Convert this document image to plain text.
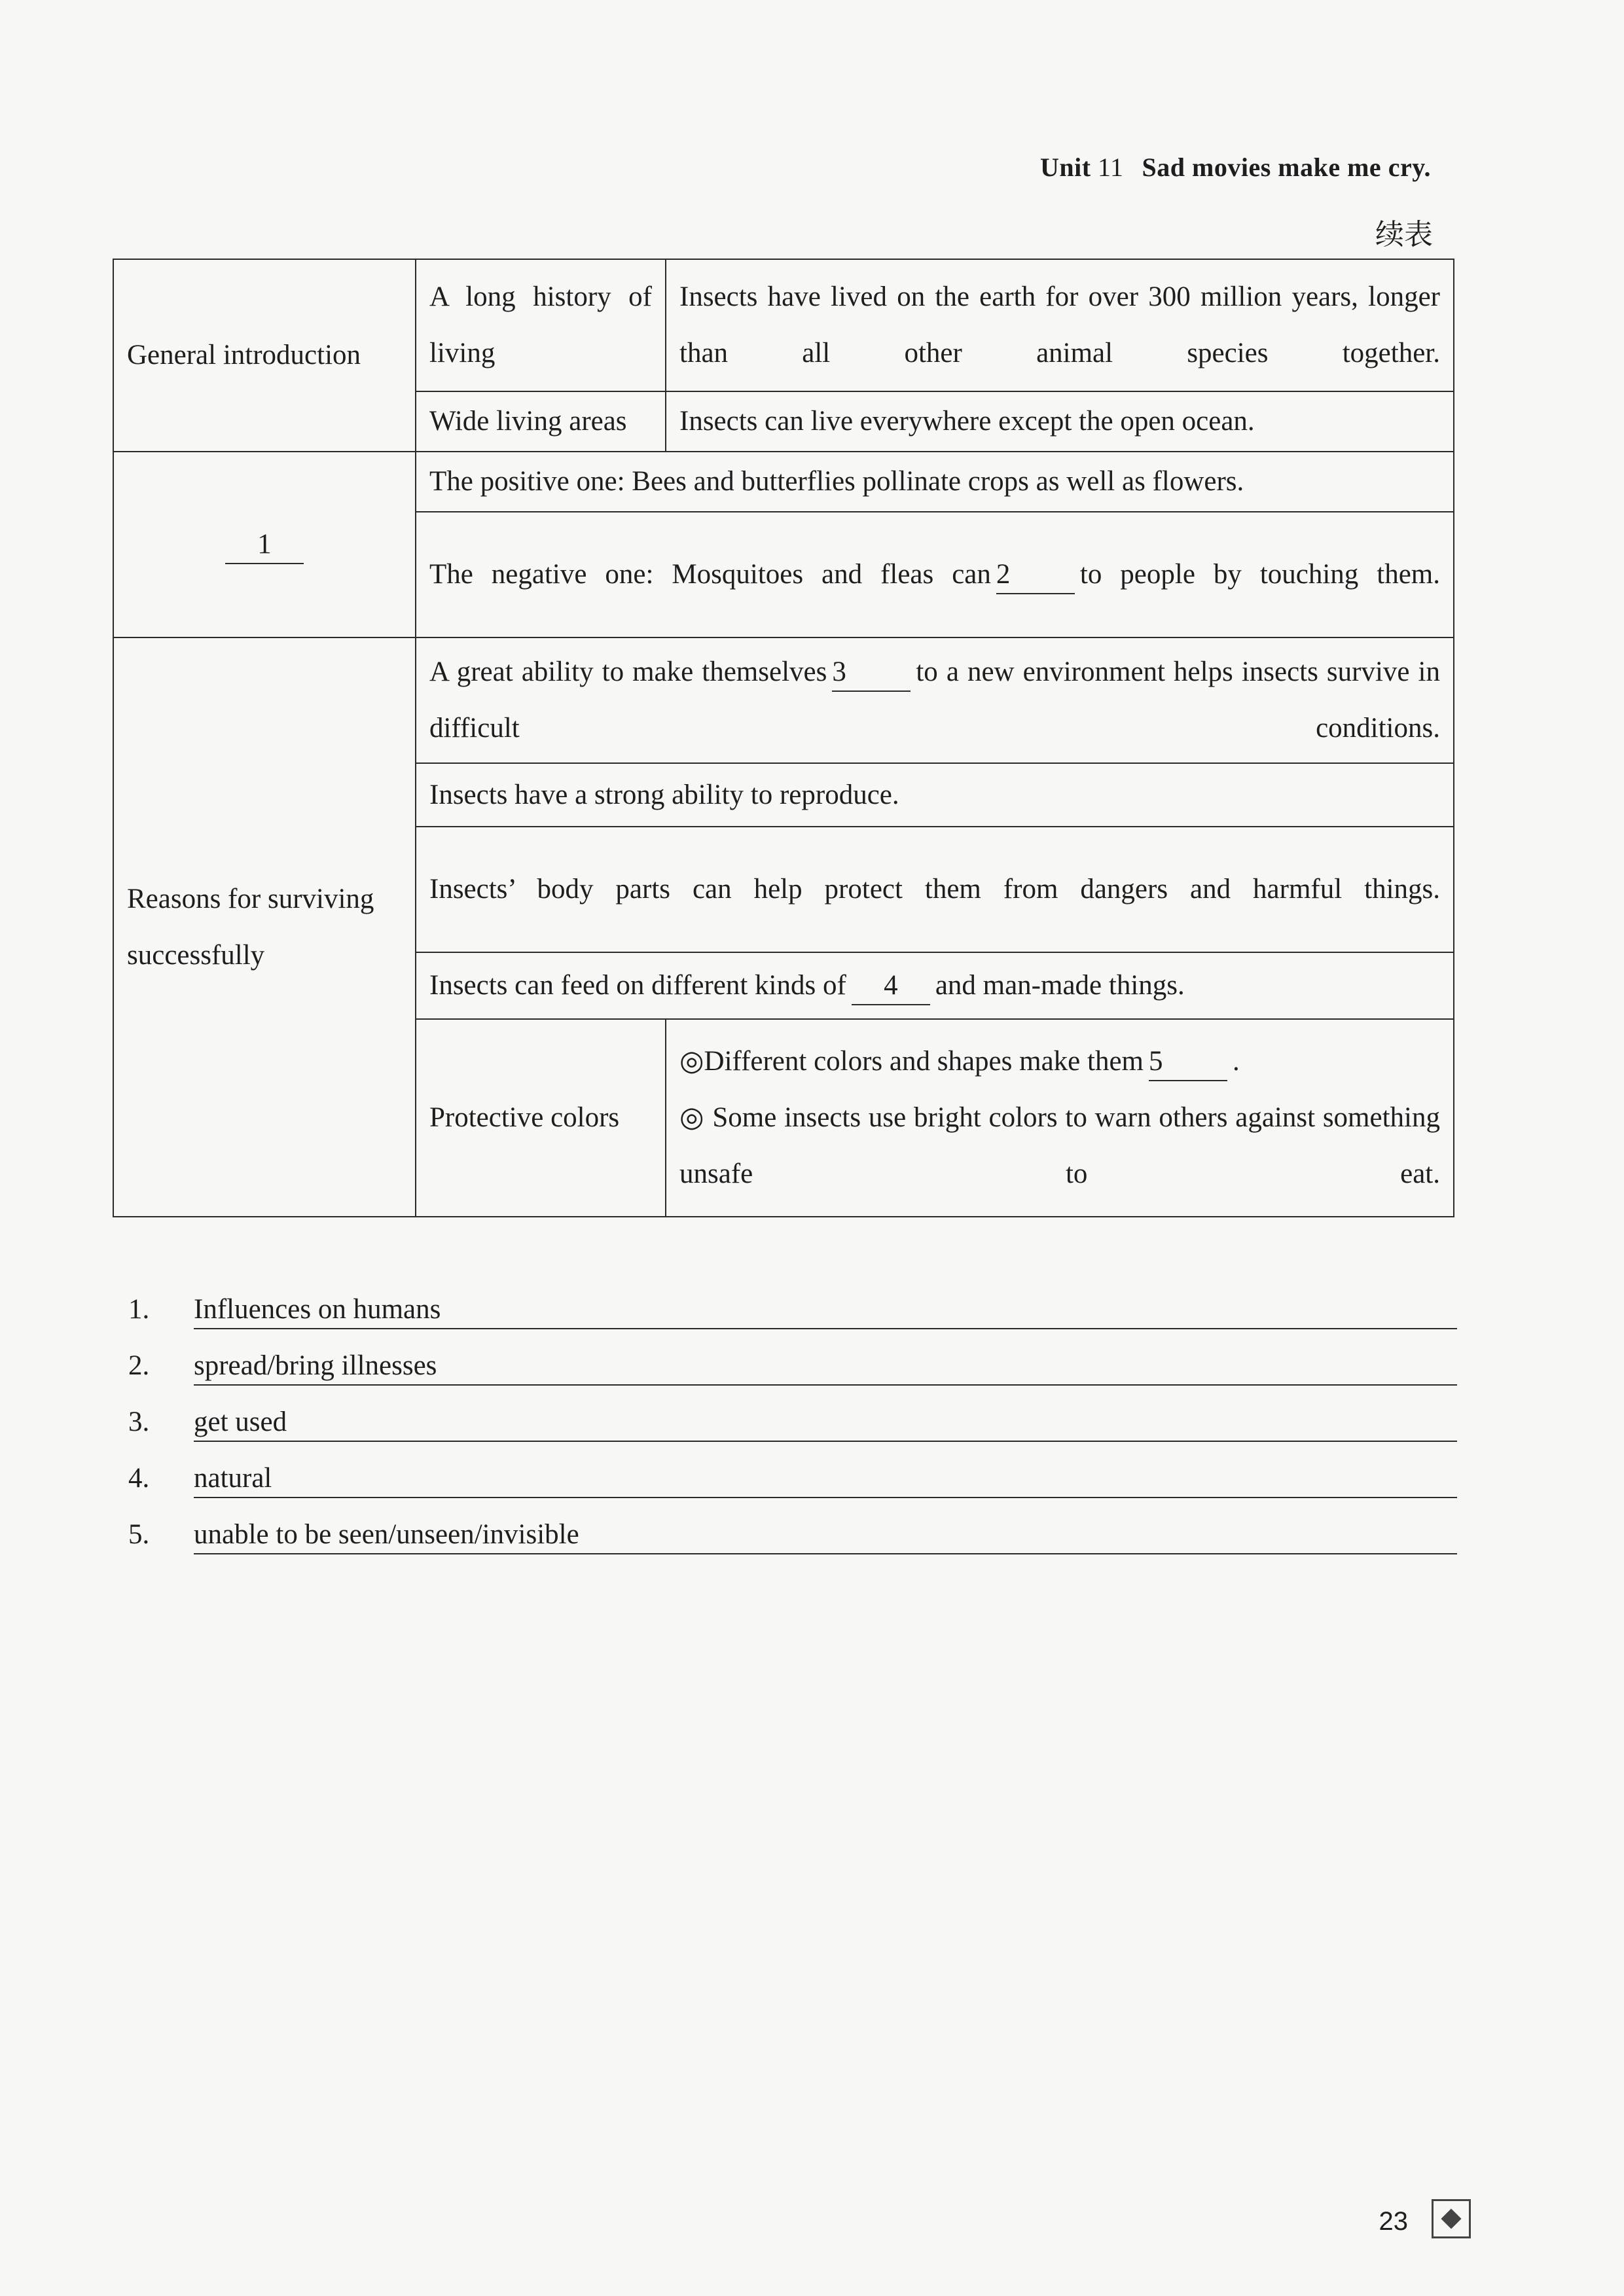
Unit 11 Sad movies make me cry.
续表
General introduction	A long history of living	Insects have lived on the earth for over 300 million years, longer than all other animal species together.
	Wide living areas	Insects can live everywhere except the open ocean.
1	The positive one: Bees and butterflies pollinate crops as well as flowers.	
	The negative one: Mosquitoes and fleas can 2 to people by touching them.	
Reasons for surviving successfully	A great ability to make themselves 3 to a new environment helps insects survive in difficult conditions.	
	Insects have a strong ability to reproduce.	
	Insects’ body parts can help protect them from dangers and harmful things.	
	Insects can feed on different kinds of 4 and man-made things.	
	Protective colors	◎Different colors and shapes make them 5 .
◎ Some insects use bright colors to warn others against something unsafe to eat.
1. Influences on humans
2. spread/bring illnesses
3. get used
4. natural
5. unable to be seen/unseen/invisible
23
